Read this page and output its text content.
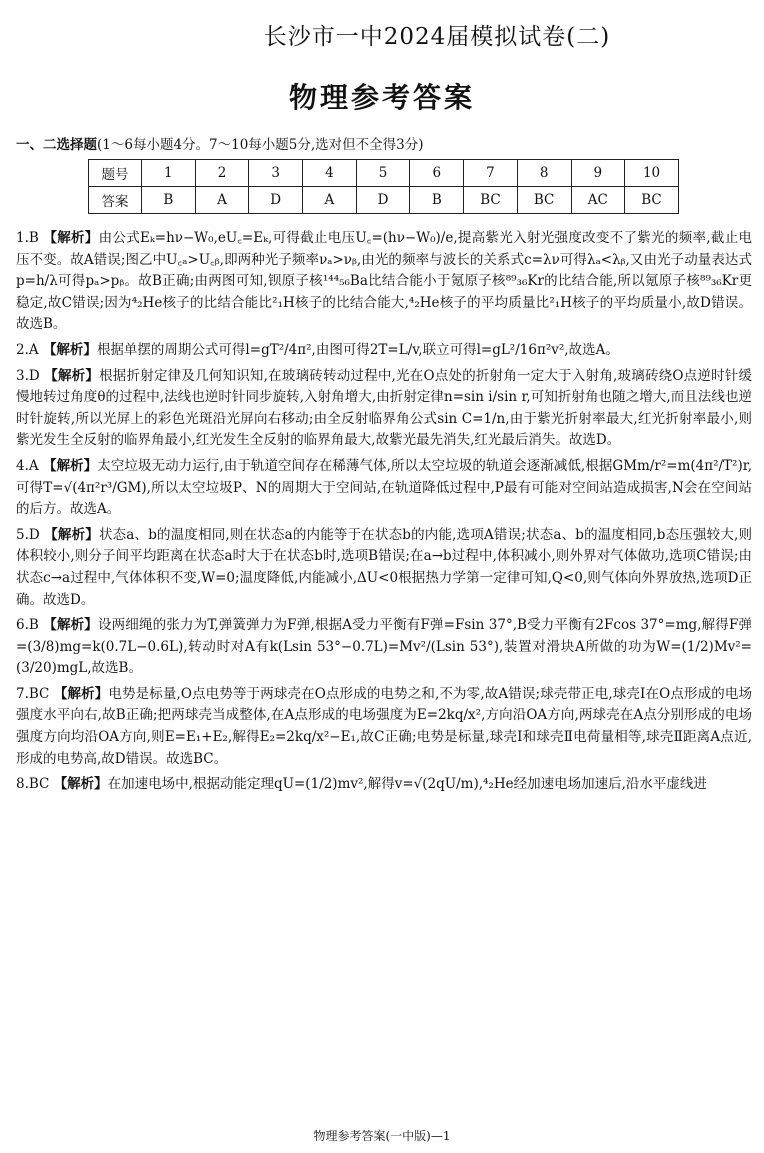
长沙市一中2024届模拟试卷(二)
物理参考答案
一、二选择题(1～6每小题4分。7～10每小题5分,选对但不全得3分)
题号	1	2	3	4	5	6	7	8	9	10
答案	B	A	D	A	D	B	BC	BC	AC	BC

1.B 【解析】由公式Eₖ=hν−W₀,eU꜀=Eₖ,可得截止电压U꜀=(hν−W₀)/e,提高紫光入射光强度改变不了紫光的频率,截止电压不变。故A错误;图乙中U꜀ₐ>U꜀ᵦ,即两种光子频率νₐ>νᵦ,由光的频率与波长的关系式c=λν可得λₐ<λᵦ,又由光子动量表达式p=h/λ可得pₐ>pᵦ。故B正确;由两图可知,钡原子核¹⁴⁴₅₆Ba比结合能小于氪原子核⁸⁹₃₆Kr的比结合能,所以氪原子核⁸⁹₃₆Kr更稳定,故C错误;因为⁴₂He核子的比结合能比²₁H核子的比结合能大,⁴₂He核子的平均质量比²₁H核子的平均质量小,故D错误。故选B。

2.A 【解析】根据单摆的周期公式可得l=gT²/4π²,由图可得2T=L/v,联立可得l=gL²/16π²v²,故选A。

3.D 【解析】根据折射定律及几何知识知,在玻璃砖转动过程中,光在O点处的折射角一定大于入射角,玻璃砖绕O点逆时针缓慢地转过角度θ的过程中,法线也逆时针同步旋转,入射角增大,由折射定律n=sin i/sin r,可知折射角也随之增大,而且法线也逆时针旋转,所以光屏上的彩色光斑沿光屏向右移动;由全反射临界角公式sin C=1/n,由于紫光折射率最大,红光折射率最小,则紫光发生全反射的临界角最小,红光发生全反射的临界角最大,故紫光最先消失,红光最后消失。故选D。

4.A 【解析】太空垃圾无动力运行,由于轨道空间存在稀薄气体,所以太空垃圾的轨道会逐渐减低,根据GMm/r²=m(4π²/T²)r,可得T=√(4π²r³/GM),所以太空垃圾P、N的周期大于空间站,在轨道降低过程中,P最有可能对空间站造成损害,N会在空间站的后方。故选A。

5.D 【解析】状态a、b的温度相同,则在状态a的内能等于在状态b的内能,选项A错误;状态a、b的温度相同,b态压强较大,则体积较小,则分子间平均距离在状态a时大于在状态b时,选项B错误;在a→b过程中,体积减小,则外界对气体做功,选项C错误;由状态c→a过程中,气体体积不变,W=0;温度降低,内能减小,ΔU<0根据热力学第一定律可知,Q<0,则气体向外界放热,选项D正确。故选D。

6.B 【解析】设两细绳的张力为T,弹簧弹力为F弹,根据A受力平衡有F弹=Fsin 37°,B受力平衡有2Fcos 37°=mg,解得F弹=(3/8)mg=k(0.7L−0.6L),转动时对A有k(Lsin 53°−0.7L)=Mv²/(Lsin 53°),装置对滑块A所做的功为W=(1/2)Mv²=(3/20)mgL,故选B。

7.BC 【解析】电势是标量,O点电势等于两球壳在O点形成的电势之和,不为零,故A错误;球壳带正电,球壳Ⅰ在O点形成的电场强度水平向右,故B正确;把两球壳当成整体,在A点形成的电场强度为E=2kq/x²,方向沿OA方向,两球壳在A点分别形成的电场强度方向均沿OA方向,则E=E₁+E₂,解得E₂=2kq/x²−E₁,故C正确;电势是标量,球壳Ⅰ和球壳Ⅱ电荷量相等,球壳Ⅱ距离A点近,形成的电势高,故D错误。故选BC。

8.BC 【解析】在加速电场中,根据动能定理qU=(1/2)mv²,解得v=√(2qU/m),⁴₂He经加速电场加速后,沿水平虚线进

物理参考答案(一中版)—1
